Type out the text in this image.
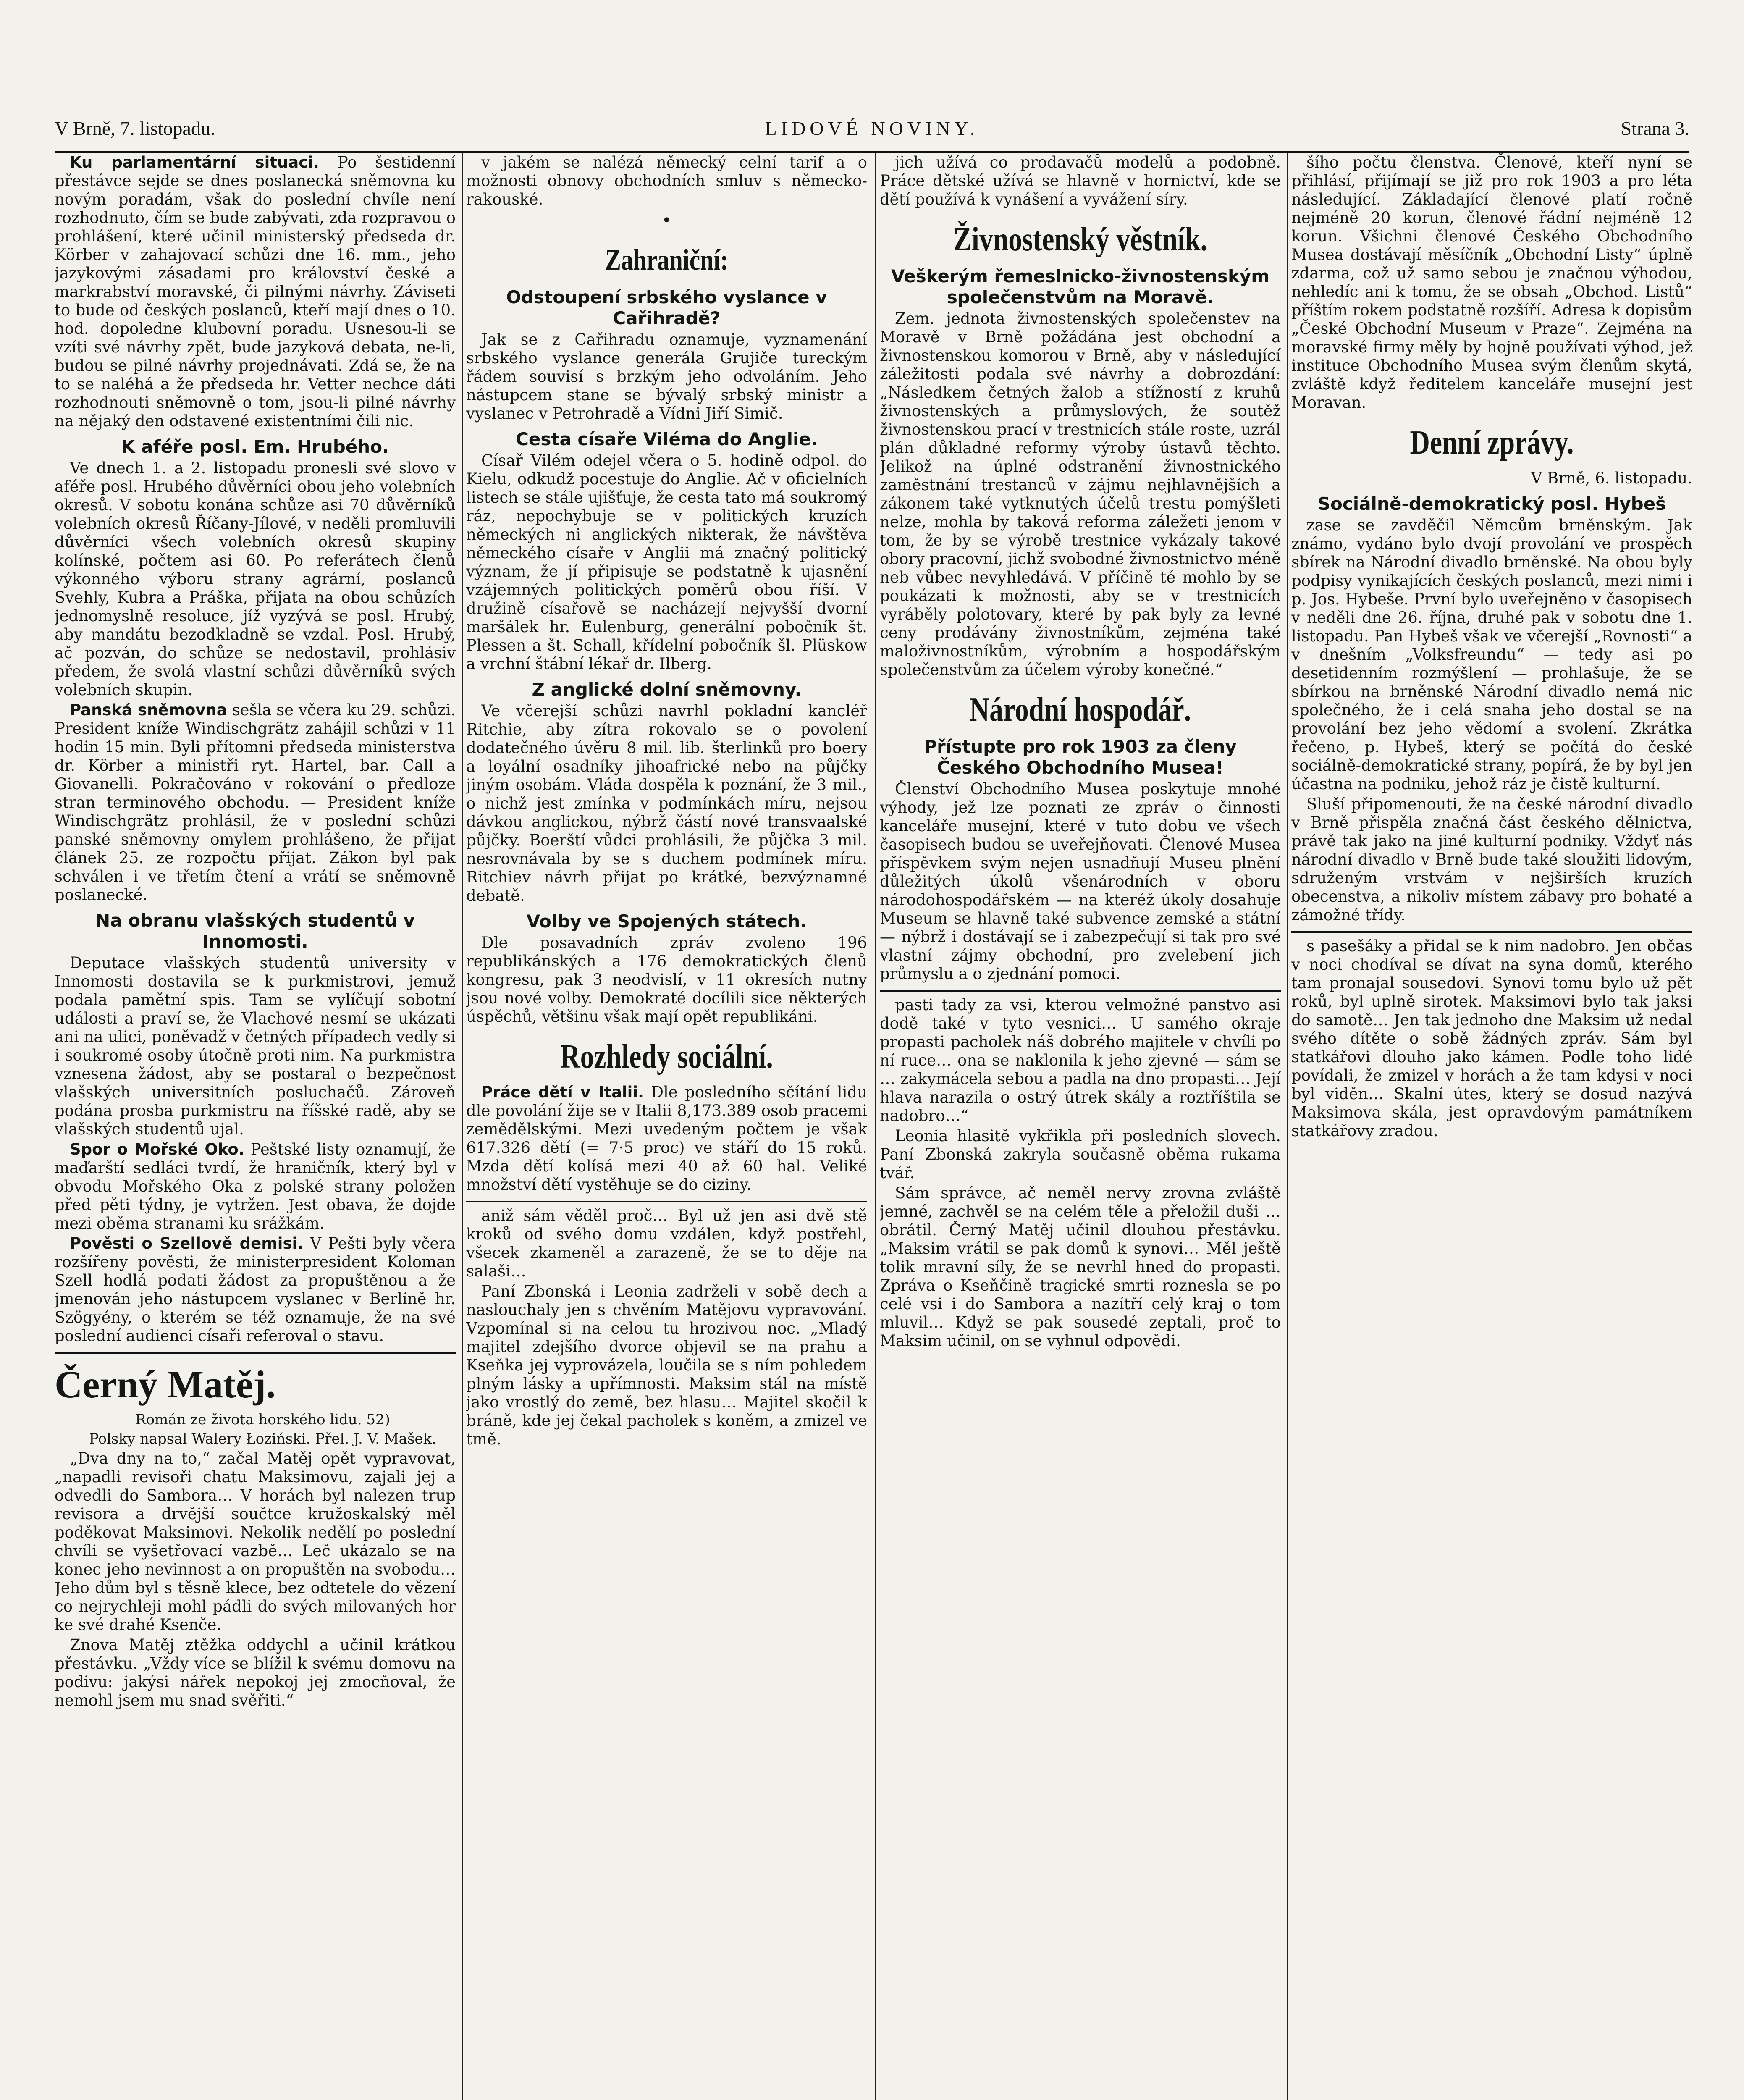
V Brně, 7. listopadu.	LIDOVÉ NOVINY.	Strana 3.

Ku parlamentární situaci. Po šestidenní přestávce sejde se dnes poslanecká sněmovna ku novým poradám, však do poslední chvíle není rozhodnuto, čím se bude zabývati, zda rozpravou o prohlášení, které učinil ministerský předseda dr. Körber v zahajovací schůzi dne 16. mm., jeho jazykovými zásadami pro království české a markrabství moravské, či pilnými návrhy. Záviseti to bude od českých poslanců, kteří mají dnes o 10. hod. dopoledne klubovní poradu. Usnesou-li se vzíti své návrhy zpět, bude jazyková debata, ne-li, budou se pilné návrhy projednávati. Zdá se, že na to se naléhá a že předseda hr. Vetter nechce dáti rozhodnouti sněmovně o tom, jsou-li pilné návrhy na nějaký den odstavené existentními čili nic.

K aféře posl. Em. Hrubého.

Ve dnech 1. a 2. listopadu pronesli své slovo v aféře posl. Hrubého důvěrníci obou jeho volebních okresů. V sobotu konána schůze asi 70 důvěrníků volebních okresů Říčany-Jílové, v neděli promluvili důvěrníci všech volebních okresů skupiny kolínské, počtem asi 60. Po referátech členů výkonného výboru strany agrární, poslanců Svehly, Kubra a Práška, přijata na obou schůzích jednomyslně resoluce, jíž vyzývá se posl. Hrubý, aby mandátu bezodkladně se vzdal. Posl. Hrubý, ač pozván, do schůze se nedostavil, prohlásiv předem, že svolá vlastní schůzi důvěrníků svých volebních skupin.

Panská sněmovna sešla se včera ku 29. schůzi. President kníže Windischgrätz zahájil schůzi v 11 hodin 15 min. Byli přítomni předseda ministerstva dr. Körber a ministři ryt. Hartel, bar. Call a Giovanelli. Pokračováno v rokování o předloze stran terminového obchodu. — President kníže Windischgrätz prohlásil, že v poslední schůzi panské sněmovny omylem prohlášeno, že přijat článek 25. ze rozpočtu přijat. Zákon byl pak schválen i ve třetím čtení a vrátí se sněmovně poslanecké.

Na obranu vlašských studentů v Innomosti.

Deputace vlašských studentů university v Innomosti dostavila se k purkmistrovi, jemuž podala pamětní spis. Tam se vylíčují sobotní události a praví se, že Vlachové nesmí se ukázati ani na ulici, poněvadž v četných případech vedly si i soukromé osoby útočně proti nim. Na purkmistra vznesena žádost, aby se postaral o bezpečnost vlašských universitních posluchačů. Zároveň podána prosba purkmistru na říšské radě, aby se vlašských studentů ujal.

Spor o Mořské Oko. Peštské listy oznamují, že maďarští sedláci tvrdí, že hraničník, který byl v obvodu Mořského Oka z polské strany položen před pěti týdny, je vytržen. Jest obava, že dojde mezi oběma stranami ku srážkám.

Pověsti o Szellově demisi. V Pešti byly včera rozšířeny pověsti, že ministerpresident Koloman Szell hodlá podati žádost za propuštěnou a že jmenován jeho nástupcem vyslanec v Berlíně hr. Szögyény, o kterém se též oznamuje, že na své poslední audienci císaři referoval o stavu.

Černý Matěj.

Román ze života horského lidu. 52)

Polsky napsal Walery Łoziński. Přel. J. V. Mašek.

„Dva dny na to,“ začal Matěj opět vypravovat, „napadli revisoři chatu Maksimovu, zajali jej a odvedli do Sambora… V horách byl nalezen trup revisora a drvější součtce kružoskalský měl poděkovat Maksimovi. Nekolik nedělí po poslední chvíli se vyšetřovací vazbě… Leč ukázalo se na konec jeho nevinnost a on propuštěn na svobodu… Jeho dům byl s těsně klece, bez odtetele do vězení co nejrychleji mohl pádli do svých milovaných hor ke své drahé Ksenče.

Znova Matěj ztěžka oddychl a učinil krátkou přestávku. „Vždy více se blížil k svému domovu na podivu: jakýsi nářek nepokoj jej zmocňoval, že nemohl jsem mu snad svěřiti.“

v jakém se nalézá německý celní tarif a o možnosti obnovy obchodních smluv s německo-rakouské.

•
Zahraniční:
Odstoupení srbského vyslance v Cařihradě?

Jak se z Cařihradu oznamuje, vyznamenání srbského vyslance generála Grujiče tureckým řádem souvisí s brzkým jeho odvoláním. Jeho nástupcem stane se bývalý srbský ministr a vyslanec v Petrohradě a Vídni Jiří Simič.

Cesta císaře Viléma do Anglie.

Císař Vilém odejel včera o 5. hodině odpol. do Kielu, odkudž pocestuje do Anglie. Ač v oficielních listech se stále ujišťuje, že cesta tato má soukromý ráz, nepochybuje se v politických kruzích německých ni anglických nikterak, že návštěva německého císaře v Anglii má značný politický význam, že jí připisuje se podstatně k ujasnění vzájemných politických poměrů obou říší. V družině císařově se nacházejí nejvyšší dvorní maršálek hr. Eulenburg, generální pobočník št. Plessen a št. Schall, křídelní pobočník šl. Plüskow a vrchní štábní lékař dr. Ilberg.

Z anglické dolní sněmovny.

Ve včerejší schůzi navrhl pokladní kancléř Ritchie, aby zítra rokovalo se o povolení dodatečného úvěru 8 mil. lib. šterlinků pro boery a loyální osadníky jihoafrické nebo na půjčky jiným osobám. Vláda dospěla k poznání, že 3 mil., o nichž jest zmínka v podmínkách míru, nejsou dávkou anglickou, nýbrž částí nové transvaalské půjčky. Boerští vůdci prohlásili, že půjčka 3 mil. nesrovnávala by se s duchem podmínek míru. Ritchiev návrh přijat po krátké, bezvýznamné debatě.

Volby ve Spojených státech.

Dle posavadních zpráv zvoleno 196 republikánských a 176 demokratických členů kongresu, pak 3 neodvislí, v 11 okresích nutny jsou nové volby. Demokraté docílili sice některých úspěchů, většinu však mají opět republikáni.

Rozhledy sociální.

Práce dětí v Italii. Dle posledního sčítání lidu dle povolání žije se v Italii 8,173.389 osob pracemi zemědělskými. Mezi uvedeným počtem je však 617.326 dětí (= 7·5 proc) ve stáří do 15 roků. Mzda dětí kolísá mezi 40 až 60 hal. Veliké množství dětí vystěhuje se do ciziny.

aniž sám věděl proč… Byl už jen asi dvě stě kroků od svého domu vzdálen, když postřehl, všecek zkameněl a zarazeně, že se to děje na salaši…

Paní Zbonská i Leonia zadrželi v sobě dech a naslouchaly jen s chvěním Matějovu vypravování. Vzpomínal si na celou tu hrozivou noc. „Mladý majitel zdejšího dvorce objevil se na prahu a Kseňka jej vyprovázela, loučila se s ním pohledem plným lásky a upřímnosti. Maksim stál na místě jako vrostlý do země, bez hlasu… Majitel skočil k bráně, kde jej čekal pacholek s koněm, a zmizel ve tmě.

jich užívá co prodavačů modelů a podobně. Práce dětské užívá se hlavně v hornictví, kde se dětí používá k vynášení a vyvážení síry.

Živnostenský věstník.
Veškerým řemeslnicko-živnostenským společenstvům na Moravě.

Zem. jednota živnostenských společenstev na Moravě v Brně požádána jest obchodní a živnostenskou komorou v Brně, aby v následující záležitosti podala své návrhy a dobrozdání: „Následkem četných žalob a stížností z kruhů živnostenských a průmyslových, že soutěž živnostenskou prací v trestnicích stále roste, uzrál plán důkladné reformy výroby ústavů těchto. Jelikož na úplné odstranění živnostnického zaměstnání trestanců v zájmu nejhlavnějších a zákonem také vytknutých účelů trestu pomýšleti nelze, mohla by taková reforma záležeti jenom v tom, že by se výrobě trestnice vykázaly takové obory pracovní, jichž svobodné živnostnictvo méně neb vůbec nevyhledává. V příčině té mohlo by se poukázati k možnosti, aby se v trestnicích vyráběly polotovary, které by pak byly za levné ceny prodávány živnostníkům, zejména také maloživnostníkům, výrobním a hospodářským společenstvům za účelem výroby konečné.“

Národní hospodář.
Přístupte pro rok 1903 za členy Českého Obchodního Musea!

Členství Obchodního Musea poskytuje mnohé výhody, jež lze poznati ze zpráv o činnosti kanceláře musejní, které v tuto dobu ve všech časopisech budou se uveřejňovati. Členové Musea příspěvkem svým nejen usnadňují Museu plnění důležitých úkolů všenárodních v oboru národohospodářském — na kteréž úkoly dosahuje Museum se hlavně také subvence zemské a státní — nýbrž i dostávají se i zabezpečují si tak pro své vlastní zájmy obchodní, pro zvelebení jich průmyslu a o zjednání pomoci.

pasti tady za vsi, kterou velmožné panstvo asi dodě také v tyto vesnici… U samého okraje propasti pacholek náš dobrého majitele v chvíli po ní ruce… ona se naklonila k jeho zjevné — sám se … zakymácela sebou a padla na dno propasti… Její hlava narazila o ostrý útrek skály a roztříštila se nadobro…“

Leonia hlasitě vykřikla při posledních slovech. Paní Zbonská zakryla současně oběma rukama tvář.

Sám správce, ač neměl nervy zrovna zvláště jemné, zachvěl se na celém těle a přeložil duši … obrátil. Černý Matěj učinil dlouhou přestávku. „Maksim vrátil se pak domů k synovi… Měl ještě tolik mravní síly, že se nevrhl hned do propasti. Zpráva o Kseňčině tragické smrti roznesla se po celé vsi i do Sambora a nazítří celý kraj o tom mluvil… Když se pak sousedé zeptali, proč to Maksim učinil, on se vyhnul odpovědi.

šího počtu členstva. Členové, kteří nyní se přihlásí, přijímají se již pro rok 1903 a pro léta následující. Základající členové platí ročně nejméně 20 korun, členové řádní nejméně 12 korun. Všichni členové Českého Obchodního Musea dostávají měsíčník „Obchodní Listy“ úplně zdarma, což už samo sebou je značnou výhodou, nehledíc ani k tomu, že se obsah „Obchod. Listů“ příštím rokem podstatně rozšíří. Adresa k dopisům „České Obchodní Museum v Praze“. Zejména na moravské firmy měly by hojně používati výhod, jež instituce Obchodního Musea svým členům skytá, zvláště když ředitelem kanceláře musejní jest Moravan.

Denní zprávy.

V Brně, 6. listopadu.

Sociálně-demokratický posl. Hybeš

zase se zavděčil Němcům brněnským. Jak známo, vydáno bylo dvojí provolání ve prospěch sbírek na Národní divadlo brněnské. Na obou byly podpisy vynikajících českých poslanců, mezi nimi i p. Jos. Hybeše. První bylo uveřejněno v časopisech v neděli dne 26. října, druhé pak v sobotu dne 1. listopadu. Pan Hybeš však ve včerejší „Rovnosti“ a v dnešním „Volksfreundu“ — tedy asi po desetidenním rozmýšlení — prohlašuje, že se sbírkou na brněnské Národní divadlo nemá nic společného, že i celá snaha jeho dostal se na provolání bez jeho vědomí a svolení. Zkrátka řečeno, p. Hybeš, který se počítá do české sociálně-demokratické strany, popírá, že by byl jen účastna na podniku, jehož ráz je čistě kulturní.

Sluší připomenouti, že na české národní divadlo v Brně přispěla značná část českého dělnictva, právě tak jako na jiné kulturní podniky. Vždyť nás národní divadlo v Brně bude také sloužiti lidovým, sdruženým vrstvám v nejširších kruzích obecenstva, a nikoliv místem zábavy pro bohaté a zámožné třídy.

s pasešáky a přidal se k nim nadobro. Jen občas v noci chodíval se dívat na syna domů, kterého tam pronajal sousedovi. Synovi tomu bylo už pět roků, byl uplně sirotek. Maksimovi bylo tak jaksi do samotě… Jen tak jednoho dne Maksim už nedal svého dítěte o sobě žádných zpráv. Sám byl statkářovi dlouho jako kámen. Podle toho lidé povídali, že zmizel v horách a že tam kdysi v noci byl viděn… Skalní útes, který se dosud nazývá Maksimova skála, jest opravdovým památníkem statkářovy zradou.
